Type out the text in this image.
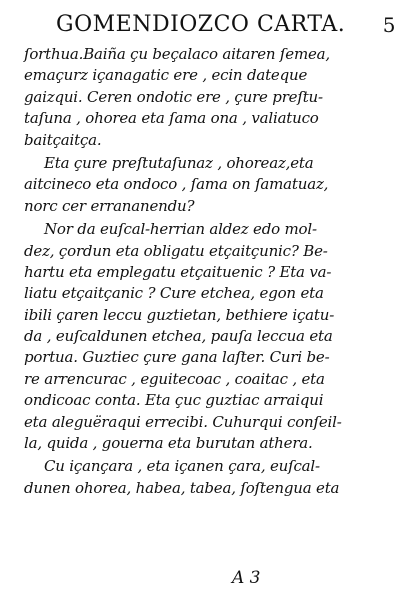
GOMENDIOZCO CARTA. 5
ſorthua.Baiña çu beçalaco aitaren ſemea,
emaçurz içanagatic ere , ecin dateque
gaizqui. Ceren ondotic ere , çure preſtu-
taſuna , ohorea eta ſama ona , valiatuco
baitçaitça.
Eta çure preſtutaſunaz , ohoreaz,eta
aitcineco eta ondoco , ſama on ſamatuaz,
norc cer errananendu?
Nor da euſcal-herrian aldez edo mol-
dez, çordun eta obligatu etçaitçunic? Be-
hartu eta emplegatu etçaituenic ? Eta va-
liatu etçaitçanic ? Cure etchea, egon eta
ibili çaren leccu guztietan, bethiere içatu-
da , euſcaldunen etchea, pauſa leccua eta
portua. Guztiec çure gana laſter. Curi be-
re arrencurac , eguitecoac , coaitac , eta
ondicoac conta. Eta çuc guztiac arraiqui
eta aleguëraqui errecibi. Cuhurqui conſeil-
la, quida , gouerna eta burutan athera.
Cu içançara , eta içanen çara, euſcal-
dunen ohorea, habea, tabea, ſoſtengua eta
A 3
